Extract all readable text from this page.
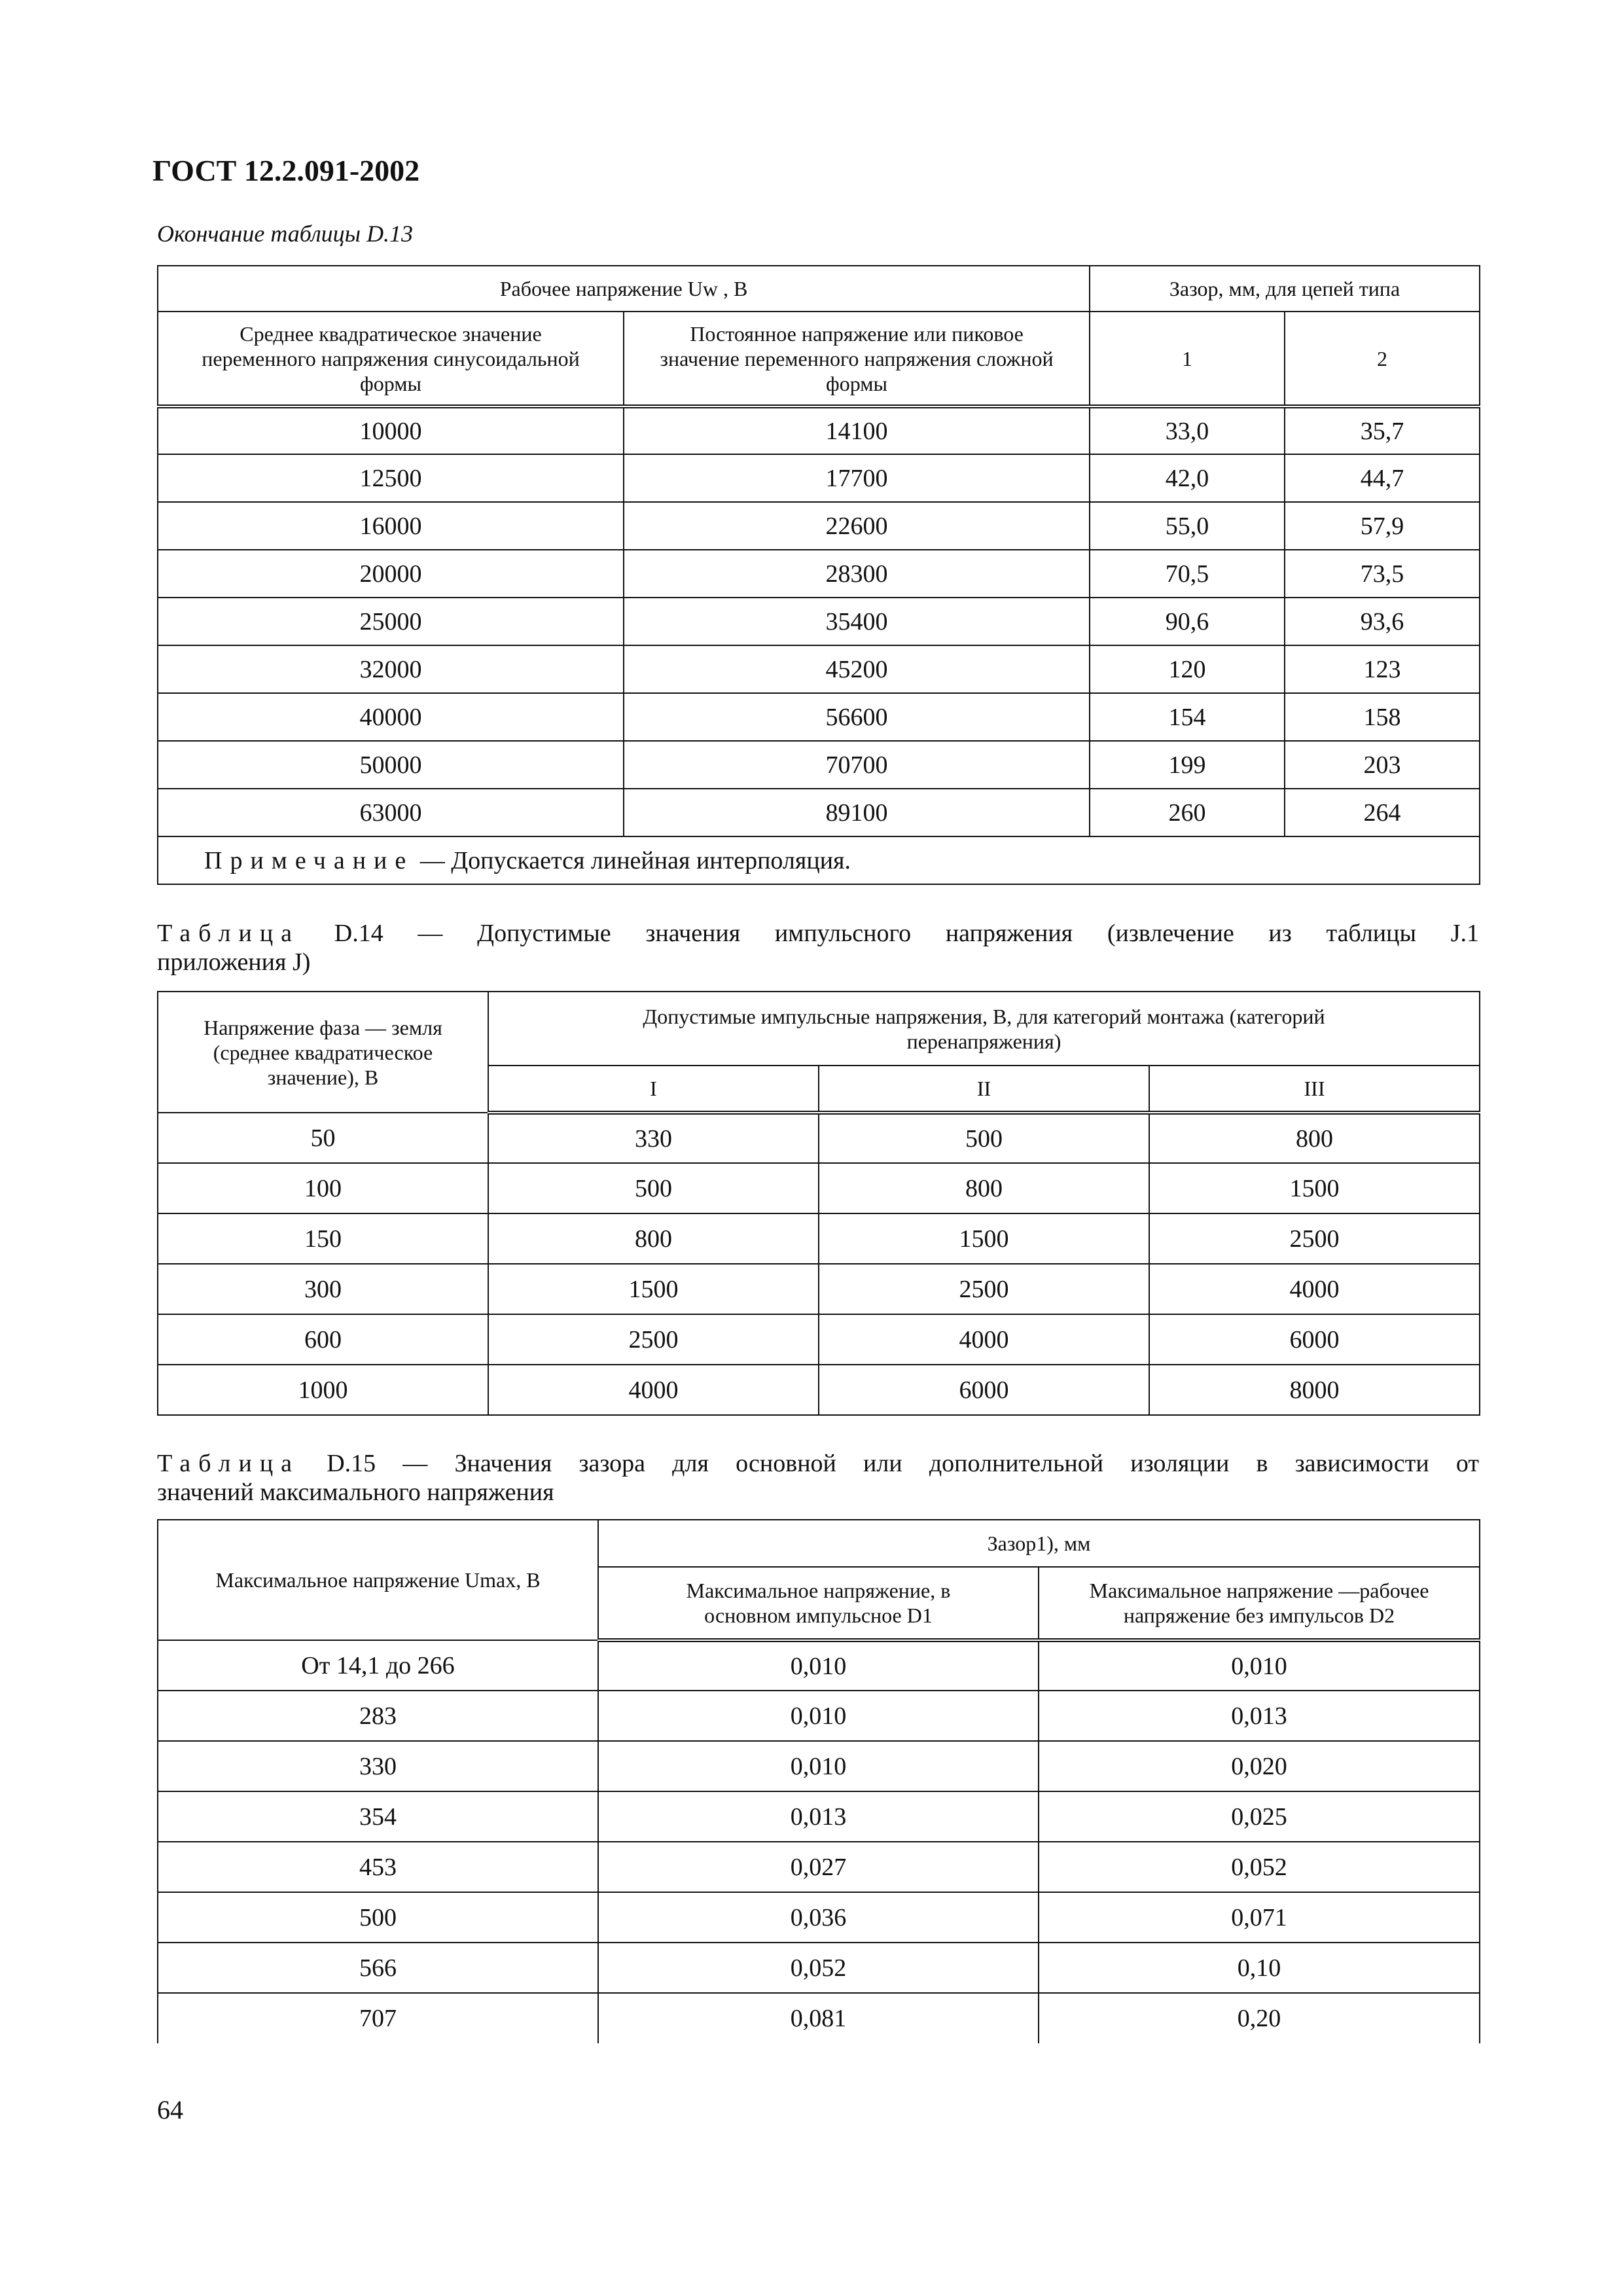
ГОСТ 12.2.091-2002
Окончание таблицы D.13
Рабочее напряжение Uw , В		Зазор, мм, для цепей типа	
Среднее квадратическое значение переменного напряжения синусоидальной формы	Постоянное напряжение или пиковое значение переменного напряжения сложной формы	1	2
10000	14100	33,0	35,7
12500	17700	42,0	44,7
16000	22600	55,0	57,9
20000	28300	70,5	73,5
25000	35400	90,6	93,6
32000	45200	120	123
40000	56600	154	158
50000	70700	199	203
63000	89100	260	264
Примечание — Допускается линейная интерполяция.			
Таблица D.14 — Допустимые значения импульсного напряжения (извлечение из таблицы J.1
приложения J)
Напряжение фаза — земля (среднее квадратическое значение), В	Допустимые импульсные напряжения, В, для категорий монтажа (категорий перенапряжения)		
	I	II	III
50	330	500	800
100	500	800	1500
150	800	1500	2500
300	1500	2500	4000
600	2500	4000	6000
1000	4000	6000	8000
Таблица D.15 — Значения зазора для основной или дополнительной изоляции в зависимости от
значений максимального напряжения
Максимальное напряжение Umax, В	Зазор1), мм	
	Максимальное напряжение, в основном импульсное D1	Максимальное напряжение —рабочее напряжение без импульсов D2
От 14,1 до 266	0,010	0,010
283	0,010	0,013
330	0,010	0,020
354	0,013	0,025
453	0,027	0,052
500	0,036	0,071
566	0,052	0,10
707	0,081	0,20
64
